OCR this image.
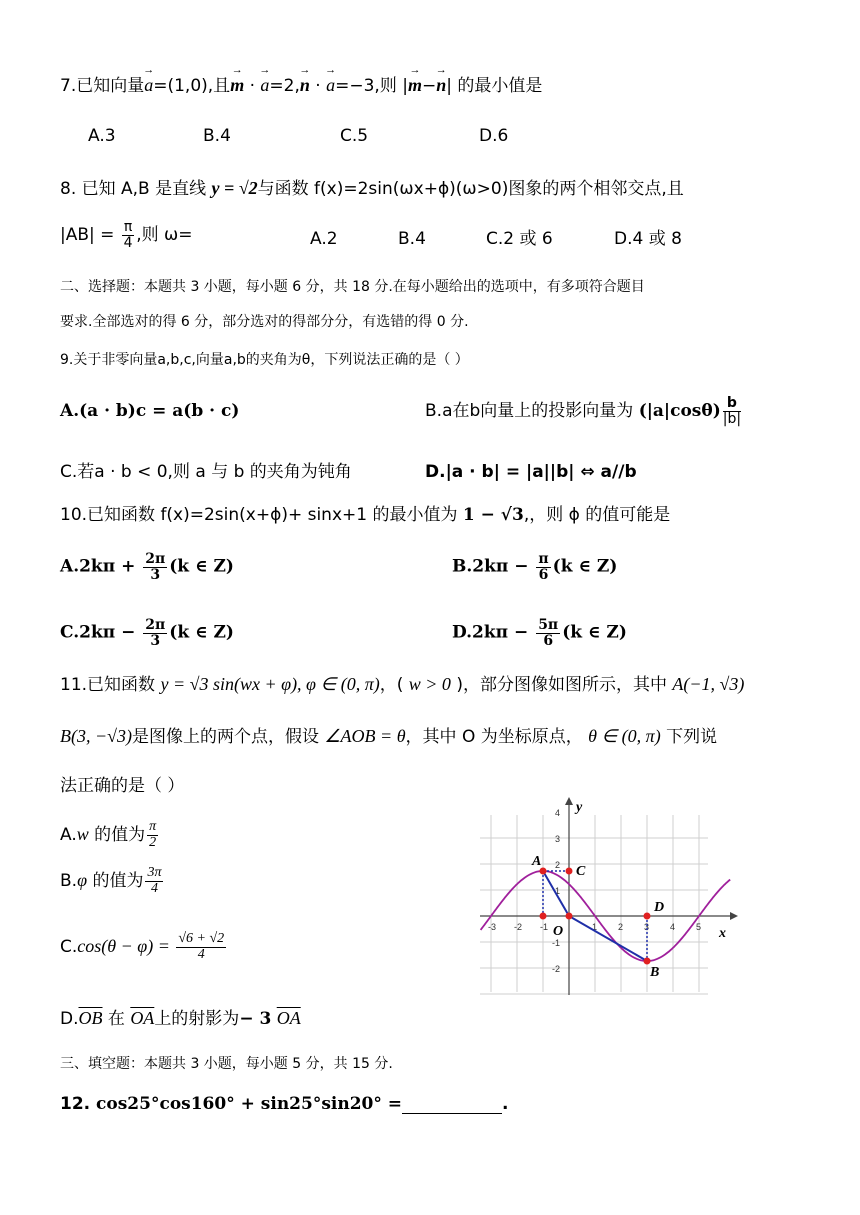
7.已知向量→ a=(1,0),且→ m · → a=2,→ n · → a=−3,则 |→ m−→ n| 的最小值是
A.3	B.4	C.5	D.6
8. 已知 A,B 是直线 y = √2与函数 f(x)=2sin(ωx+ϕ)(ω>0)图象的两个相邻交点,且
$|AB| = \frac{\pi}{4}$ ,则 ω=	A.2	B.4	C.2 或 6	D.4 或 8
二、选择题：本题共 3 小题，每小题 6 分，共 18 分.在每小题给出的选项中，有多项符合题目
要求.全部选对的得 6 分，部分选对的得部分分，有选错的得 0 分.
9.关于非零向量a,b,c,向量a,b的夹角为θ，下列说法正确的是（ ）
A.(a · b)c = a(b · c)	B.a在b向量上的投影向量为 $(|a|\cos\theta) \frac{b}{|b|}$
C.若a · b < 0,则 a 与 b 的夹角为钝角	D.|a · b| = |a||b| ⇔ a//b
10.已知函数 f(x)=2sin(x+ϕ)+ sinx+1 的最小值为 1 − √3,，则 ϕ 的值可能是
$A.2k\pi + \frac{2\pi}{3} (k$ ∈ Z)	$B.2k\pi - \frac{\pi}{6} (k$ ∈ Z)
$C.2k\pi - \frac{2\pi}{3} (k$ ∈ Z)	$D.2k\pi - \frac{5\pi}{6} (k$ ∈ Z)
11.已知函数 y = √3 sin(wx + φ), φ ∈ (0, π)，( w > 0 )，部分图像如图所示，其中 A(−1, √3)
B(3, −√3)是图像上的两个点，假设 ∠AOB = θ，其中 O 为坐标原点， θ ∈ (0, π) 下列说
法正确的是（ ）
A.w 的值为 $\frac{\pi}{2}$
B.φ 的值为 $\frac{3\pi}{4}$
$C.\cos(\theta - \varphi) = \frac{√6 + √2}{4}$
$D.\overline{OB}$ 在 $\overline{OA}$上的射影为− 3 $\overline{OA}$
-3 -2 -1	1 2 3 4 5
4
3
2
1
-1
-2
y
x
O
A
B
C
D
三、填空题：本题共 3 小题，每小题 5 分，共 15 分.
12. cos25°cos160° + sin25°sin20° =	.
